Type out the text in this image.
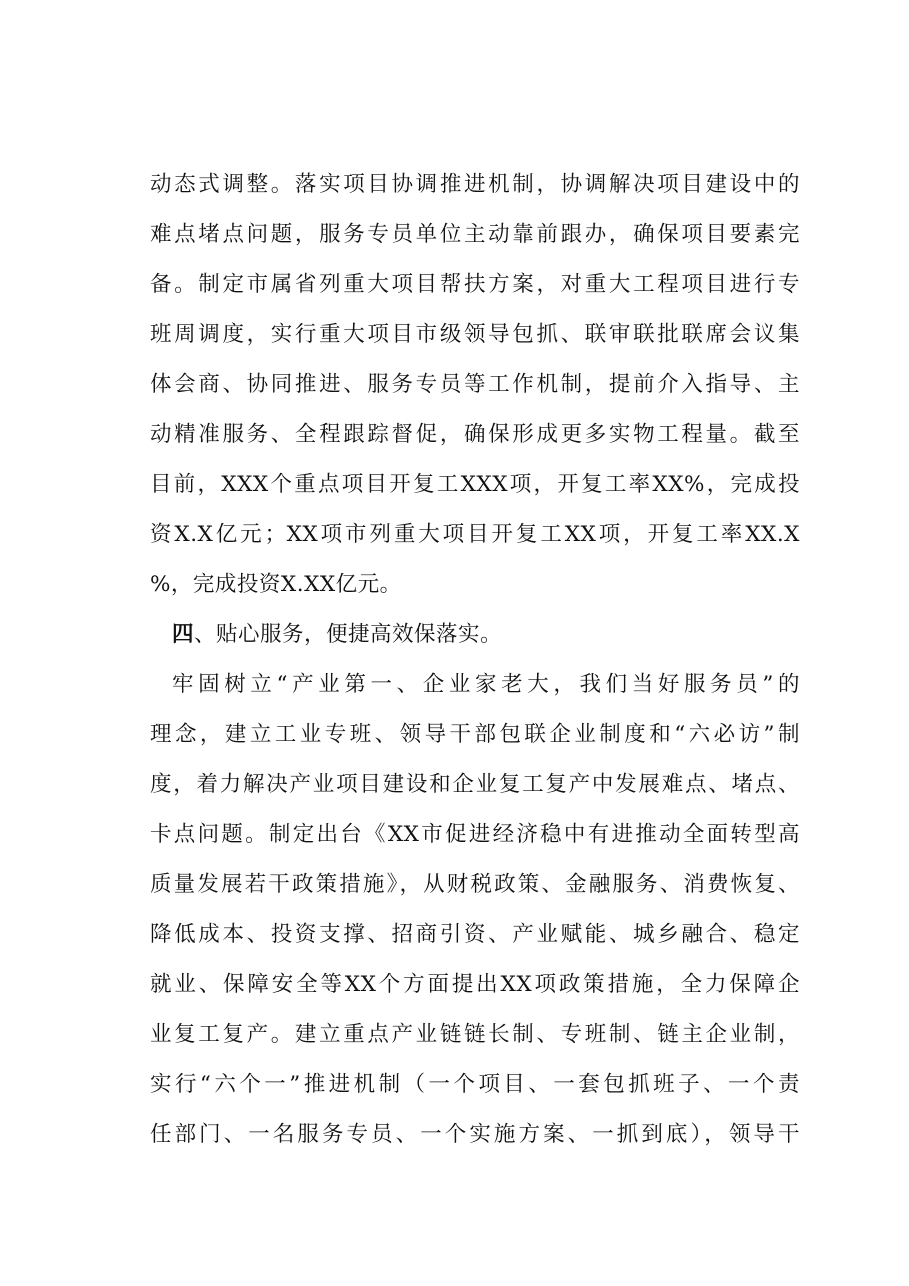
动态式调整。落实项目协调推进机制，协调解决项目建设中的
难点堵点问题，服务专员单位主动靠前跟办，确保项目要素完
备。制定市属省列重大项目帮扶方案，对重大工程项目进行专
班周调度，实行重大项目市级领导包抓、联审联批联席会议集
体会商、协同推进、服务专员等工作机制，提前介入指导、主
动精准服务、全程跟踪督促，确保形成更多实物工程量。截至
目前，XXX个重点项目开复工XXX项，开复工率XX%，完成投
资X.X亿元；XX项市列重大项目开复工XX项，开复工率XX.X
%，完成投资X.XX亿元。
四、贴心服务，便捷高效保落实。
牢固树立“产业第一、企业家老大，我们当好服务员”的
理念，建立工业专班、领导干部包联企业制度和“六必访”制
度，着力解决产业项目建设和企业复工复产中发展难点、堵点、
卡点问题。制定出台《XX市促进经济稳中有进推动全面转型高
质量发展若干政策措施》，从财税政策、金融服务、消费恢复、
降低成本、投资支撑、招商引资、产业赋能、城乡融合、稳定
就业、保障安全等XX个方面提出XX项政策措施，全力保障企
业复工复产。建立重点产业链链长制、专班制、链主企业制，
实行“六个一”推进机制（一个项目、一套包抓班子、一个责
任部门、一名服务专员、一个实施方案、一抓到底），领导干
